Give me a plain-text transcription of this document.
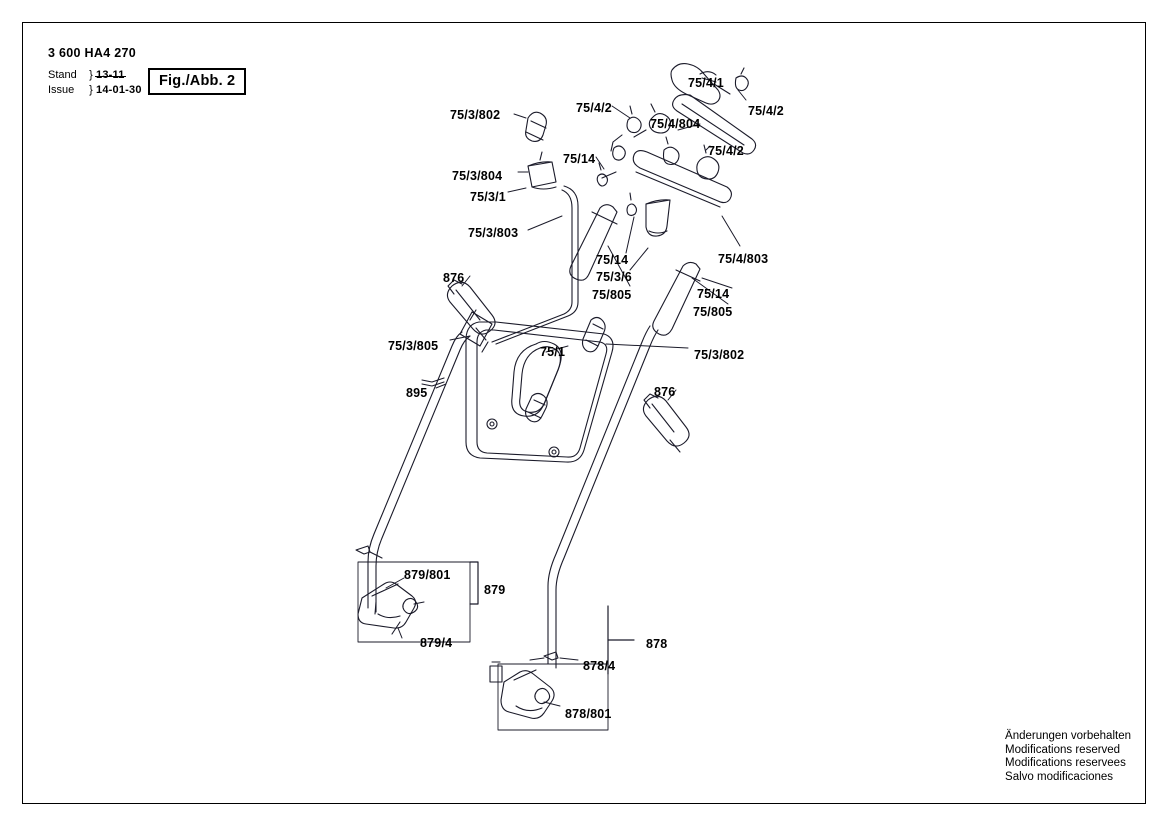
3 600 HA4 270
Stand	} 13-11
Issue	} 14-01-30
Fig./Abb. 2
Änderungen vorbehalten
Modifications reserved
Modifications reservees
Salvo modificaciones
75/3/802	75/4/2
75/4/1
75/4/2
75/4/804
75/4/2
75/14
75/3/804
75/3/1
75/3/803
75/14
75/3/6
75/805
75/4/803
75/14
75/805
876
75/3/805	75/1	75/3/802
895	876
879/801
879
879/4	878
878/4
878/801
